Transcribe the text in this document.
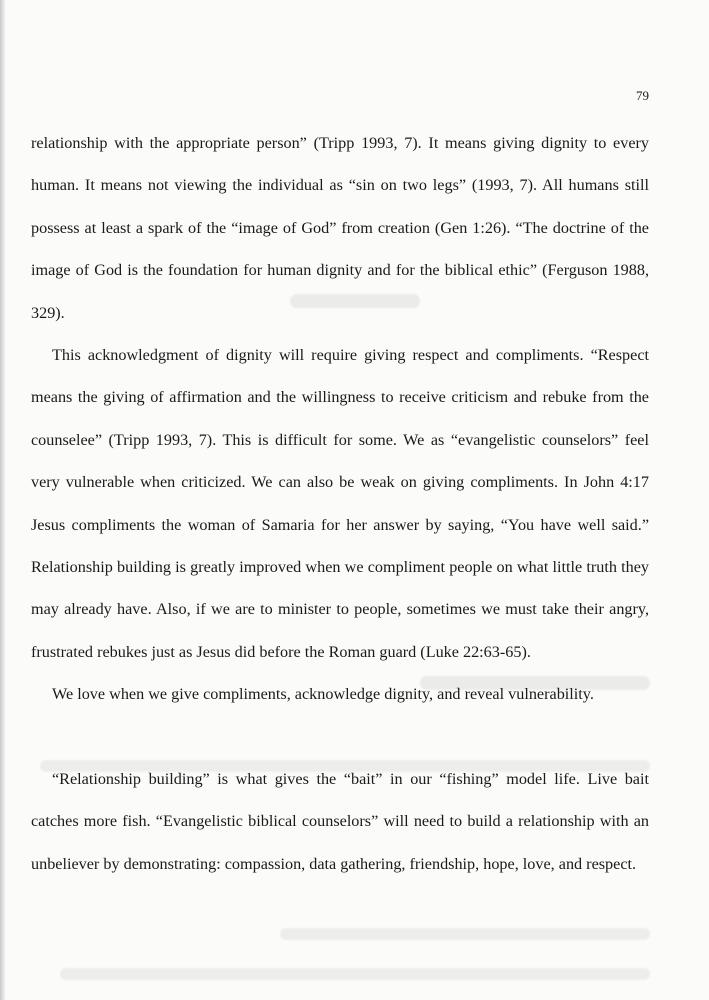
79

relationship with the appropriate person” (Tripp 1993, 7). It means giving dignity to every human. It means not viewing the individual as “sin on two legs” (1993, 7). All humans still possess at least a spark of the “image of God” from creation (Gen 1:26). “The doctrine of the image of God is the foundation for human dignity and for the biblical ethic” (Ferguson 1988, 329).

This acknowledgment of dignity will require giving respect and compliments. “Respect means the giving of affirmation and the willingness to receive criticism and rebuke from the counselee” (Tripp 1993, 7). This is difficult for some. We as “evangelistic counselors” feel very vulnerable when criticized. We can also be weak on giving compliments. In John 4:17 Jesus compliments the woman of Samaria for her answer by saying, “You have well said.” Relationship building is greatly improved when we compliment people on what little truth they may already have. Also, if we are to minister to people, sometimes we must take their angry, frustrated rebukes just as Jesus did before the Roman guard (Luke 22:63-65).

We love when we give compliments, acknowledge dignity, and reveal vulnerability.

“Relationship building” is what gives the “bait” in our “fishing” model life. Live bait catches more fish. “Evangelistic biblical counselors” will need to build a relationship with an unbeliever by demonstrating: compassion, data gathering, friendship, hope, love, and respect.
